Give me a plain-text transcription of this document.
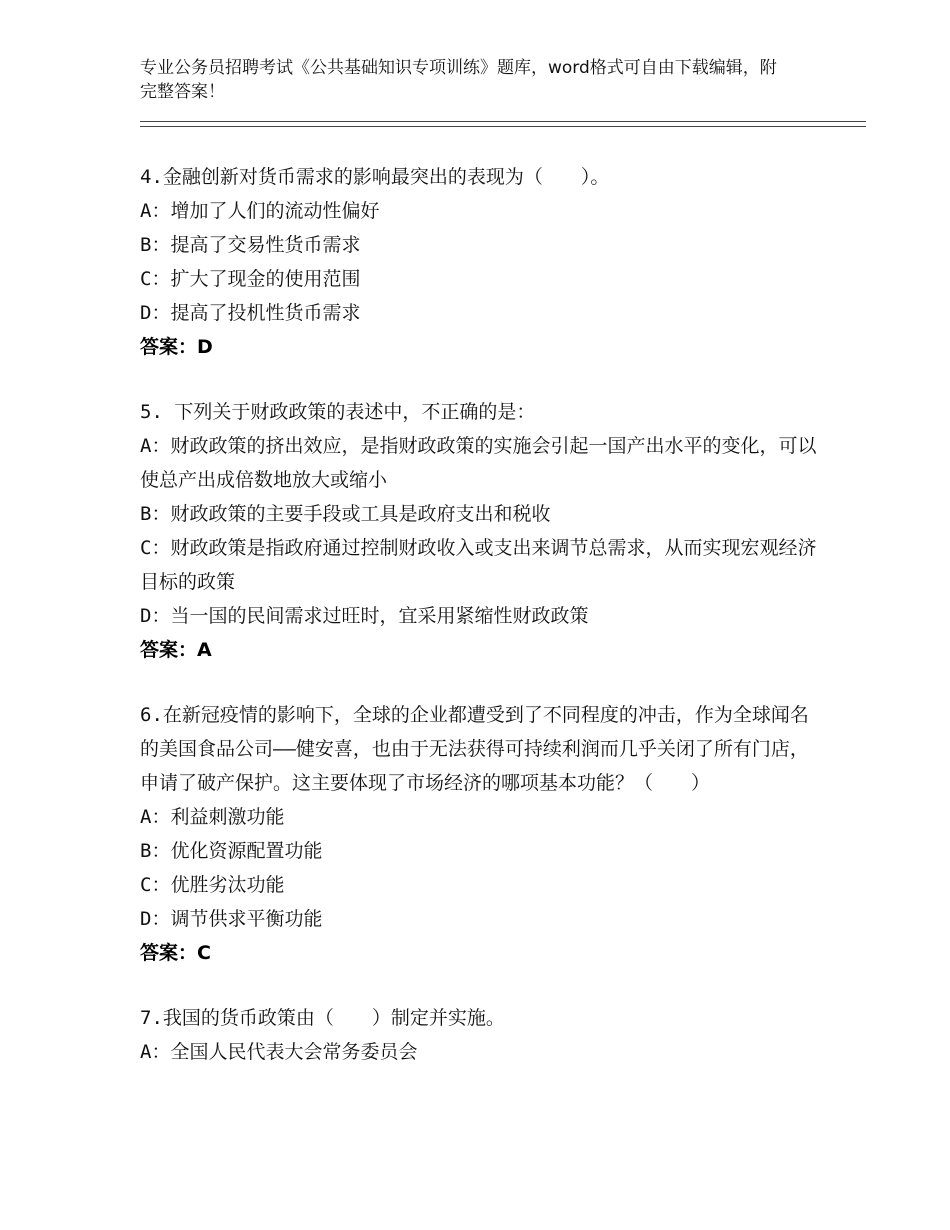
专业公务员招聘考试《公共基础知识专项训练》题库，word格式可自由下载编辑，附完整答案！
4.金融创新对货币需求的影响最突出的表现为（　　）。
A：增加了人们的流动性偏好
B：提高了交易性货币需求
C：扩大了现金的使用范围
D：提高了投机性货币需求
答案：D
5. 下列关于财政政策的表述中，不正确的是：
A：财政政策的挤出效应，是指财政政策的实施会引起一国产出水平的变化，可以使总产出成倍数地放大或缩小
B：财政政策的主要手段或工具是政府支出和税收
C：财政政策是指政府通过控制财政收入或支出来调节总需求，从而实现宏观经济目标的政策
D：当一国的民间需求过旺时，宜采用紧缩性财政政策
答案：A
6.在新冠疫情的影响下，全球的企业都遭受到了不同程度的冲击，作为全球闻名的美国食品公司——健安喜，也由于无法获得可持续利润而几乎关闭了所有门店，申请了破产保护。这主要体现了市场经济的哪项基本功能？（　　）
A：利益刺激功能
B：优化资源配置功能
C：优胜劣汰功能
D：调节供求平衡功能
答案：C
7.我国的货币政策由（　　）制定并实施。
A：全国人民代表大会常务委员会
